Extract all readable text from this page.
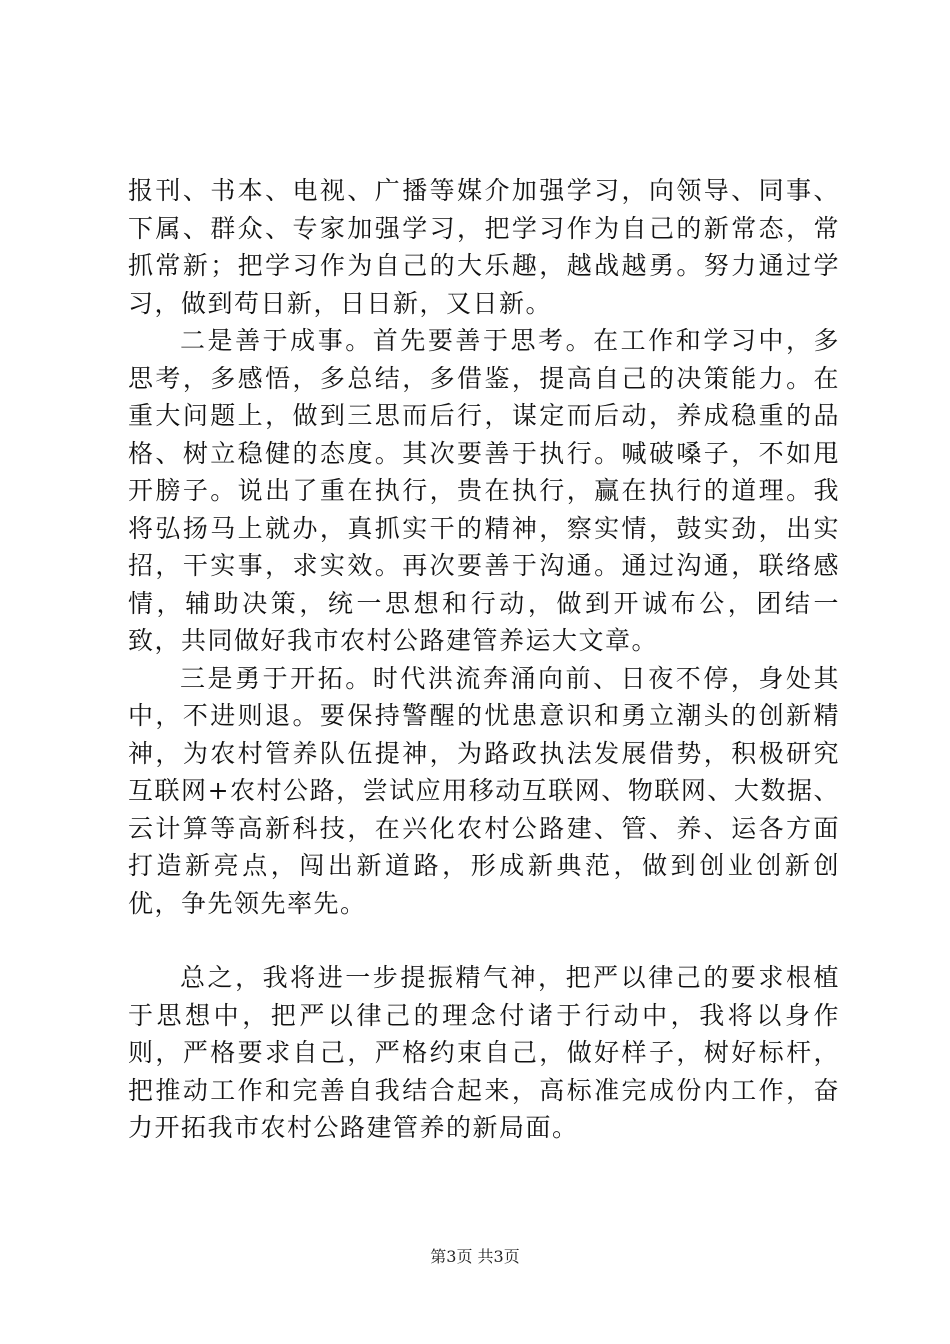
报刊、书本、电视、广播等媒介加强学习，向领导、同事、下属、群众、专家加强学习，把学习作为自己的新常态，常抓常新；把学习作为自己的大乐趣，越战越勇。努力通过学习，做到苟日新，日日新，又日新。

二是善于成事。首先要善于思考。在工作和学习中，多思考，多感悟，多总结，多借鉴，提高自己的决策能力。在重大问题上，做到三思而后行，谋定而后动，养成稳重的品格、树立稳健的态度。其次要善于执行。喊破嗓子，不如甩开膀子。说出了重在执行，贵在执行，赢在执行的道理。我将弘扬马上就办，真抓实干的精神，察实情，鼓实劲，出实招，干实事，求实效。再次要善于沟通。通过沟通，联络感情，辅助决策，统一思想和行动，做到开诚布公，团结一致，共同做好我市农村公路建管养运大文章。

三是勇于开拓。时代洪流奔涌向前、日夜不停，身处其中，不进则退。要保持警醒的忧患意识和勇立潮头的创新精神，为农村管养队伍提神，为路政执法发展借势，积极研究互联网+农村公路，尝试应用移动互联网、物联网、大数据、云计算等高新科技，在兴化农村公路建、管、养、运各方面打造新亮点，闯出新道路，形成新典范，做到创业创新创优，争先领先率先。

总之，我将进一步提振精气神，把严以律己的要求根植于思想中，把严以律己的理念付诸于行动中，我将以身作则，严格要求自己，严格约束自己，做好样子，树好标杆，把推动工作和完善自我结合起来，高标准完成份内工作，奋力开拓我市农村公路建管养的新局面。

第3页 共3页
